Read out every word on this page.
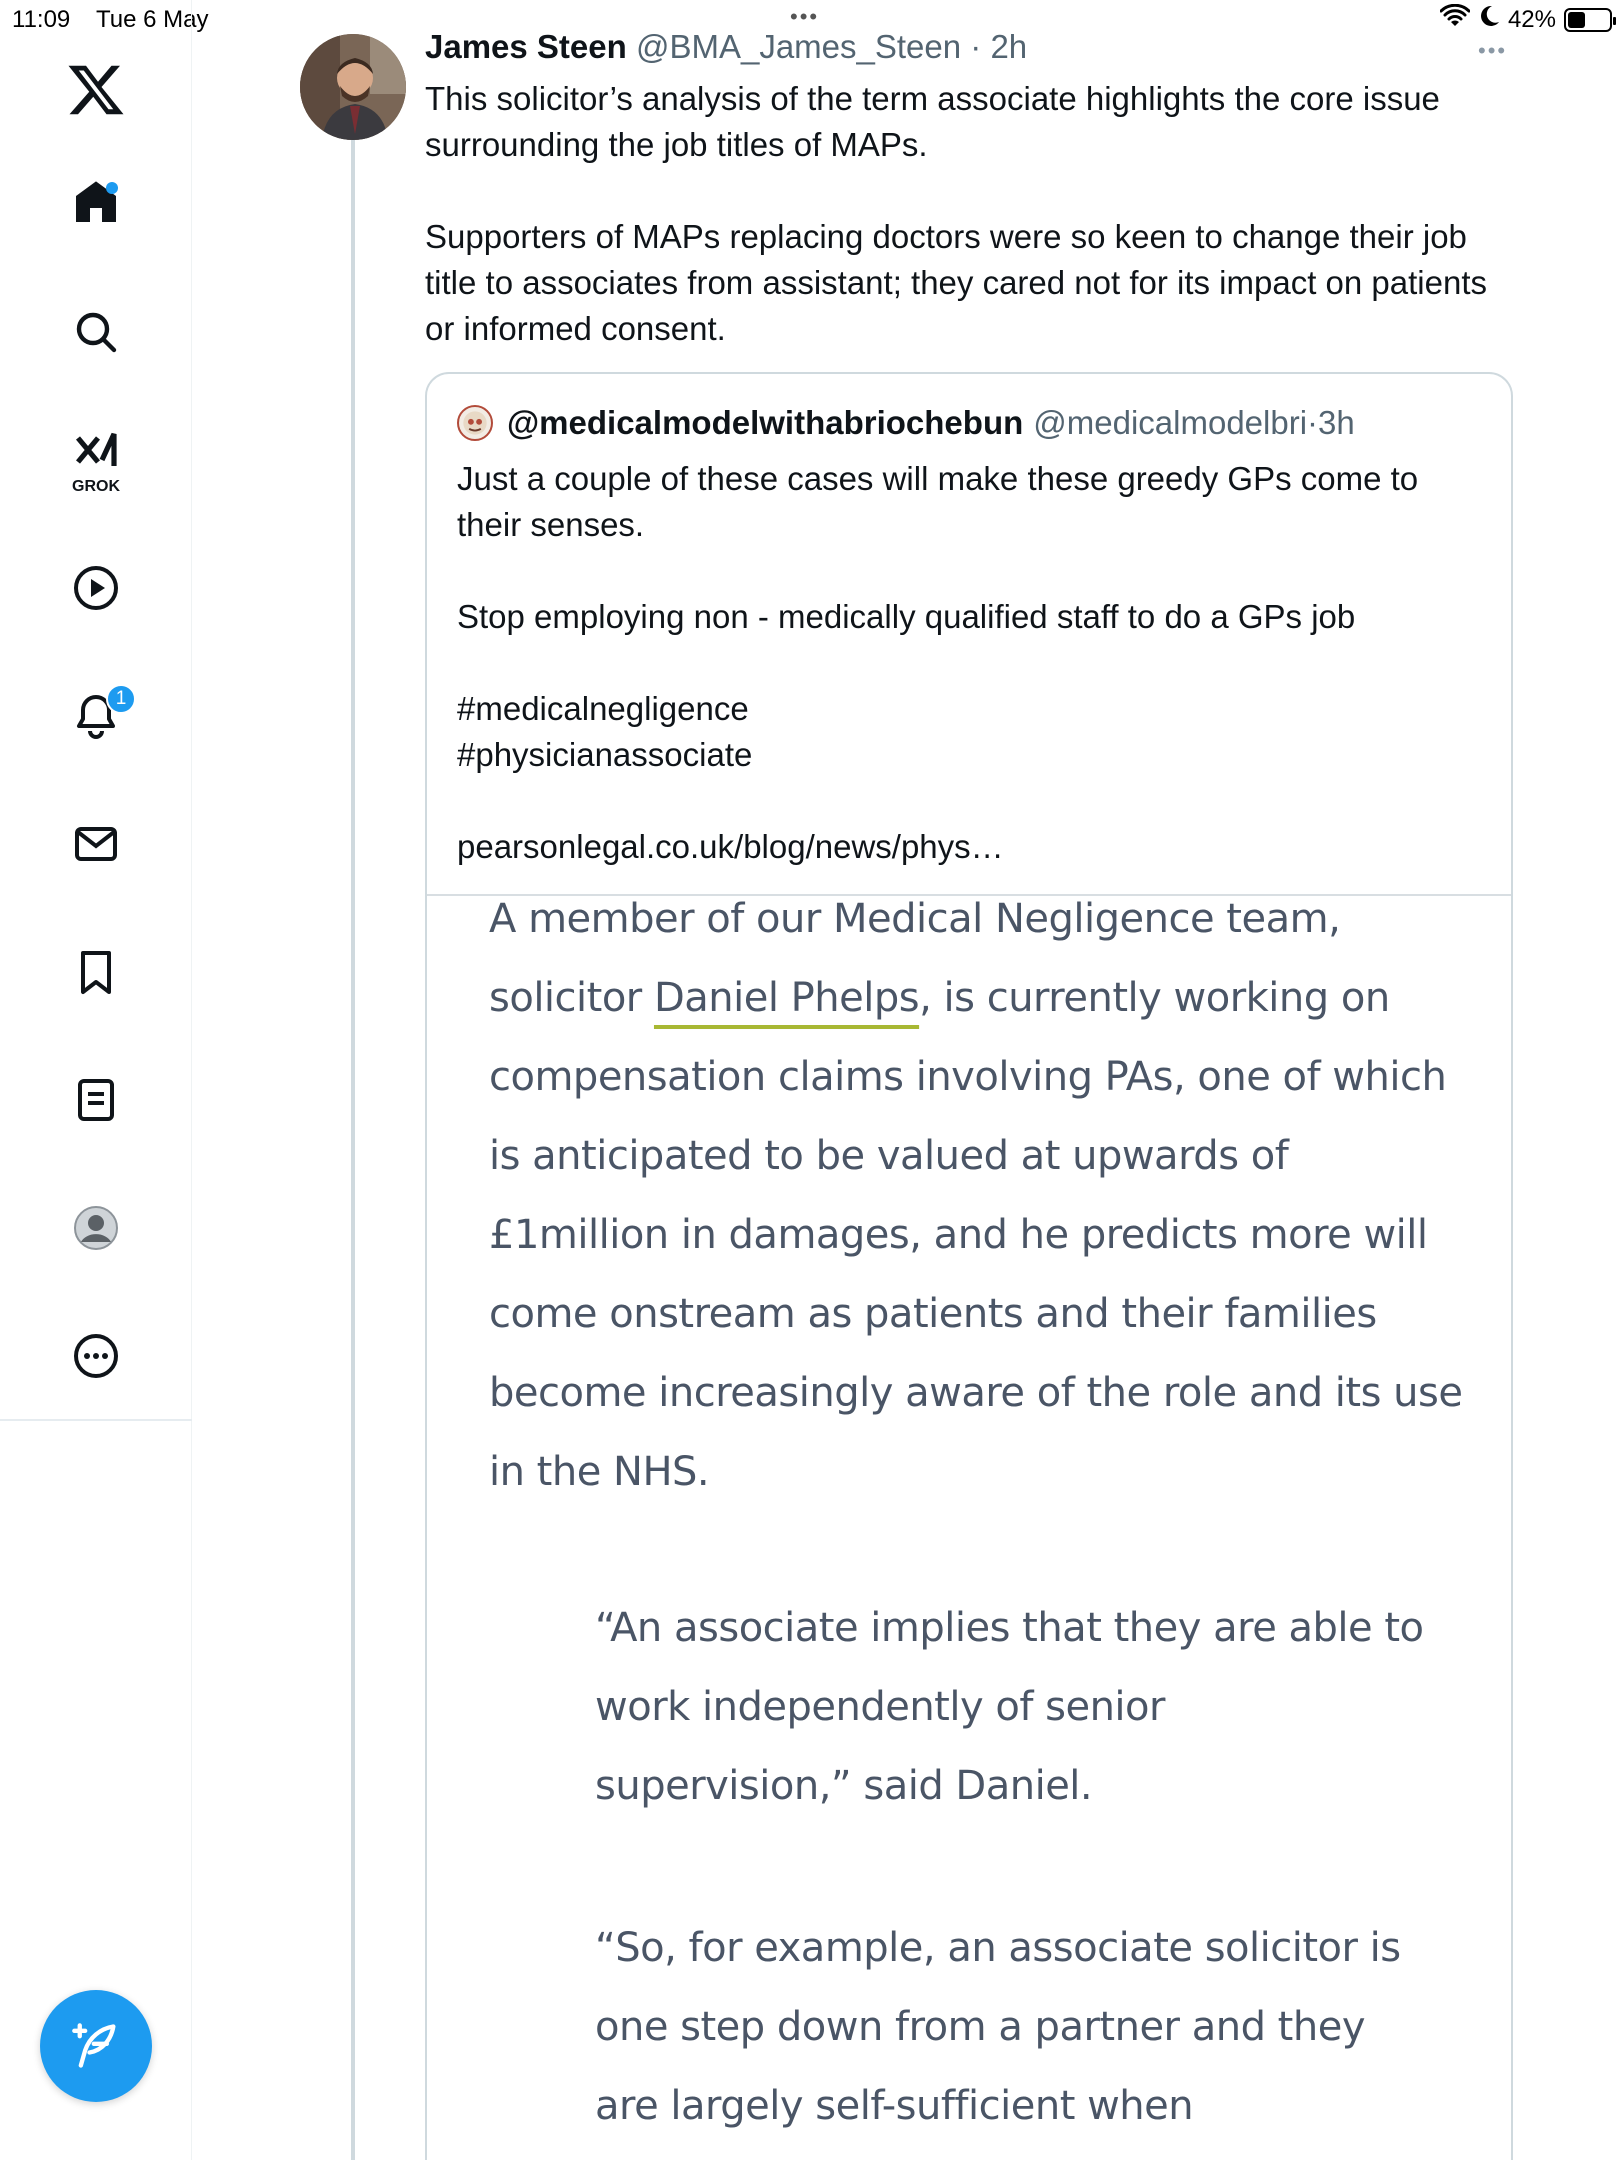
11:09 Tue 6 May	•••	42%
GROK
1
James Steen @BMA_James_Steen · 2h	•••
This solicitor’s analysis of the term associate highlights the core issue surrounding the job titles of MAPs.

Supporters of MAPs replacing doctors were so keen to change their job title to associates from assistant; they cared not for its impact on patients or informed consent.
@medicalmodelwithabriochebun @medicalmodelbri · 3h
Just a couple of these cases will make these greedy GPs come to their senses.

Stop employing non - medically qualified staff to do a GPs job

#medicalnegligence
#physicianassociate

pearsonlegal.co.uk/blog/news/phys…
A member of our Medical Negligence team, solicitor Daniel Phelps, is currently working on compensation claims involving PAs, one of which is anticipated to be valued at upwards of £1million in damages, and he predicts more will come onstream as patients and their families become increasingly aware of the role and its use in the NHS.
“An associate implies that they are able to work independently of senior supervision,” said Daniel.
“So, for example, an associate solicitor is one step down from a partner and they are largely self-sufficient when
